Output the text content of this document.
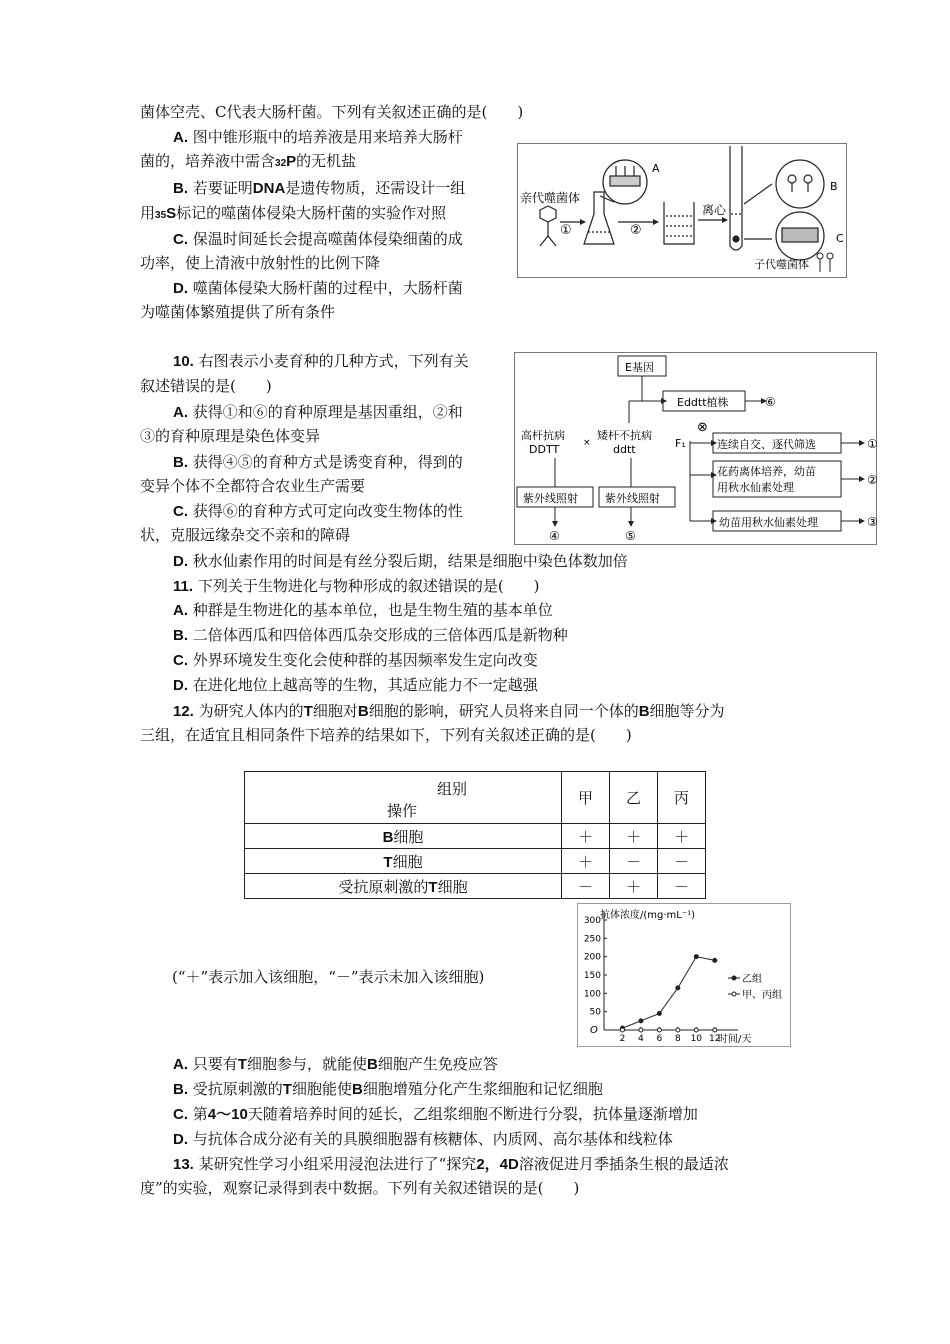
菌体空壳、C代表大肠杆菌。下列有关叙述正确的是(　　)
A. 图中锥形瓶中的培养液是用来培养大肠杆
菌的，培养液中需含32P的无机盐
B. 若要证明DNA是遗传物质，还需设计一组
用35S标记的噬菌体侵染大肠杆菌的实验作对照
C. 保温时间延长会提高噬菌体侵染细菌的成
功率，使上清液中放射性的比例下降
D. 噬菌体侵染大肠杆菌的过程中，大肠杆菌
为噬菌体繁殖提供了所有条件
亲代噬菌体
①	②
A
离心
B
C
子代噬菌体
10. 右图表示小麦育种的几种方式，下列有关
叙述错误的是(　　)
A. 获得①和⑥的育种原理是基因重组，②和
③的育种原理是染色体变异
B. 获得④⑤的育种方式是诱变育种，得到的
变异个体不全都符合农业生产需要
C. 获得⑥的育种方式可定向改变生物体的性
状，克服远缘杂交不亲和的障碍
D. 秋水仙素作用的时间是有丝分裂后期，结果是细胞中染色体数加倍
E基因
Eddtt植株	⑥
高杆抗病
DDTT	×
矮杆不抗病
ddtt	F₁
⊗
连续自交、逐代筛选	①
花药离体培养，幼苗
用秋水仙素处理
②
幼苗用秋水仙素处理	③
紫外线照射 紫外线照射
④	⑤
11. 下列关于生物进化与物种形成的叙述错误的是(　　)
A. 种群是生物进化的基本单位，也是生物生殖的基本单位
B. 二倍体西瓜和四倍体西瓜杂交形成的三倍体西瓜是新物种
C. 外界环境发生变化会使种群的基因频率发生定向改变
D. 在进化地位上越高等的生物，其适应能力不一定越强
12. 为研究人体内的T细胞对B细胞的影响，研究人员将来自同一个体的B细胞等分为
三组，在适宜且相同条件下培养的结果如下，下列有关叙述正确的是(　　)
组别
操作	甲	乙	丙
B细胞	＋	＋	＋
T细胞	＋	－	－
受抗原刺激的T细胞	－	＋	－
(“＋”表示加入该细胞，“－”表示未加入该细胞)
抗体浓度/(mg·mL⁻¹)
时间/天
O
50
100
150
200
250
300
2 4 6 8 10 12
乙组
甲、丙组
A. 只要有T细胞参与，就能使B细胞产生免疫应答
B. 受抗原刺激的T细胞能使B细胞增殖分化产生浆细胞和记忆细胞
C. 第4～10天随着培养时间的延长，乙组浆细胞不断进行分裂，抗体量逐渐增加
D. 与抗体合成分泌有关的具膜细胞器有核糖体、内质网、高尔基体和线粒体
13. 某研究性学习小组采用浸泡法进行了“探究2，4D溶液促进月季插条生根的最适浓
度”的实验，观察记录得到表中数据。下列有关叙述错误的是(　　)
